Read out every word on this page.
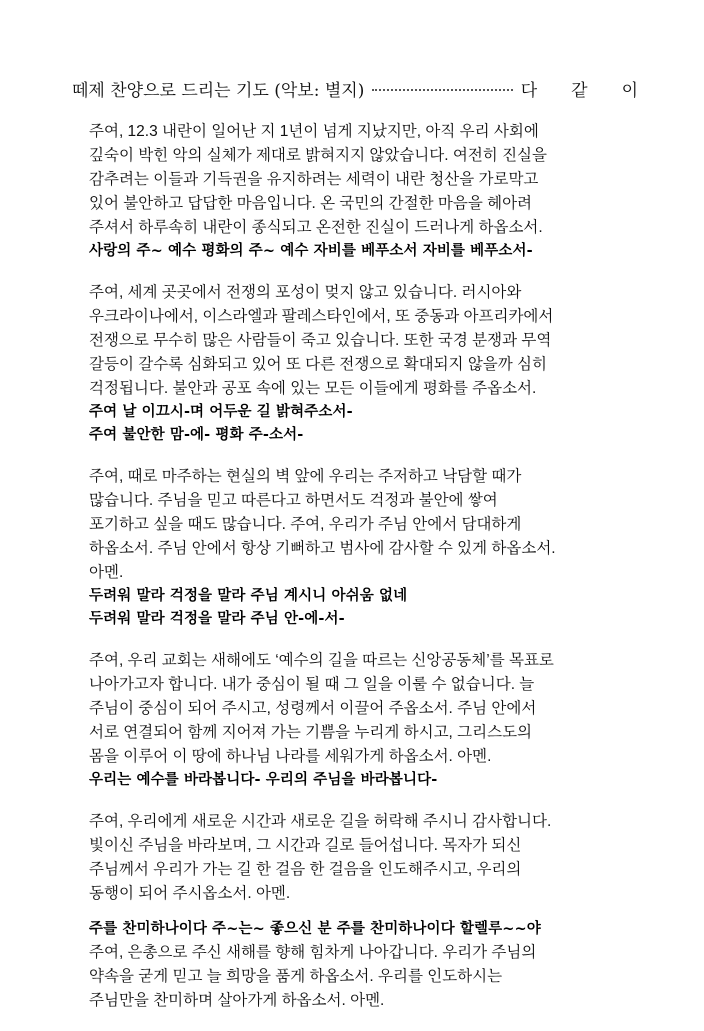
떼제 찬양으로 드리는 기도 (악보: 별지)	다같이

주여, 12.3 내란이 일어난 지 1년이 넘게 지났지만, 아직 우리 사회에
깊숙이 박힌 악의 실체가 제대로 밝혀지지 않았습니다. 여전히 진실을
감추려는 이들과 기득권을 유지하려는 세력이 내란 청산을 가로막고
있어 불안하고 답답한 마음입니다. 온 국민의 간절한 마음을 헤아려
주셔서 하루속히 내란이 종식되고 온전한 진실이 드러나게 하옵소서.

사랑의 주~ 예수 평화의 주~ 예수 자비를 베푸소서 자비를 베푸소서-

주여, 세계 곳곳에서 전쟁의 포성이 멎지 않고 있습니다. 러시아와
우크라이나에서, 이스라엘과 팔레스타인에서, 또 중동과 아프리카에서
전쟁으로 무수히 많은 사람들이 죽고 있습니다. 또한 국경 분쟁과 무역
갈등이 갈수록 심화되고 있어 또 다른 전쟁으로 확대되지 않을까 심히
걱정됩니다. 불안과 공포 속에 있는 모든 이들에게 평화를 주옵소서.

주여 날 이끄시-며 어두운 길 밝혀주소서-
주여 불안한 맘-에- 평화 주-소서-

주여, 때로 마주하는 현실의 벽 앞에 우리는 주저하고 낙담할 때가
많습니다. 주님을 믿고 따른다고 하면서도 걱정과 불안에 쌓여
포기하고 싶을 때도 많습니다. 주여, 우리가 주님 안에서 담대하게
하옵소서. 주님 안에서 항상 기뻐하고 범사에 감사할 수 있게 하옵소서.
아멘.

두려워 말라 걱정을 말라 주님 계시니 아쉬움 없네
두려워 말라 걱정을 말라 주님 안-에-서-

주여, 우리 교회는 새해에도 ‘예수의 길을 따르는 신앙공동체’를 목표로
나아가고자 합니다. 내가 중심이 될 때 그 일을 이룰 수 없습니다. 늘
주님이 중심이 되어 주시고, 성령께서 이끌어 주옵소서. 주님 안에서
서로 연결되어 함께 지어져 가는 기쁨을 누리게 하시고, 그리스도의
몸을 이루어 이 땅에 하나님 나라를 세워가게 하옵소서. 아멘.

우리는 예수를 바라봅니다- 우리의 주님을 바라봅니다-

주여, 우리에게 새로운 시간과 새로운 길을 허락해 주시니 감사합니다.
빛이신 주님을 바라보며, 그 시간과 길로 들어섭니다. 목자가 되신
주님께서 우리가 가는 길 한 걸음 한 걸음을 인도해주시고, 우리의
동행이 되어 주시옵소서. 아멘.

주를 찬미하나이다 주~는~ 좋으신 분 주를 찬미하나이다 할렐루~~야

주여, 은총으로 주신 새해를 향해 힘차게 나아갑니다. 우리가 주님의
약속을 굳게 믿고 늘 희망을 품게 하옵소서. 우리를 인도하시는
주님만을 찬미하며 살아가게 하옵소서. 아멘.
